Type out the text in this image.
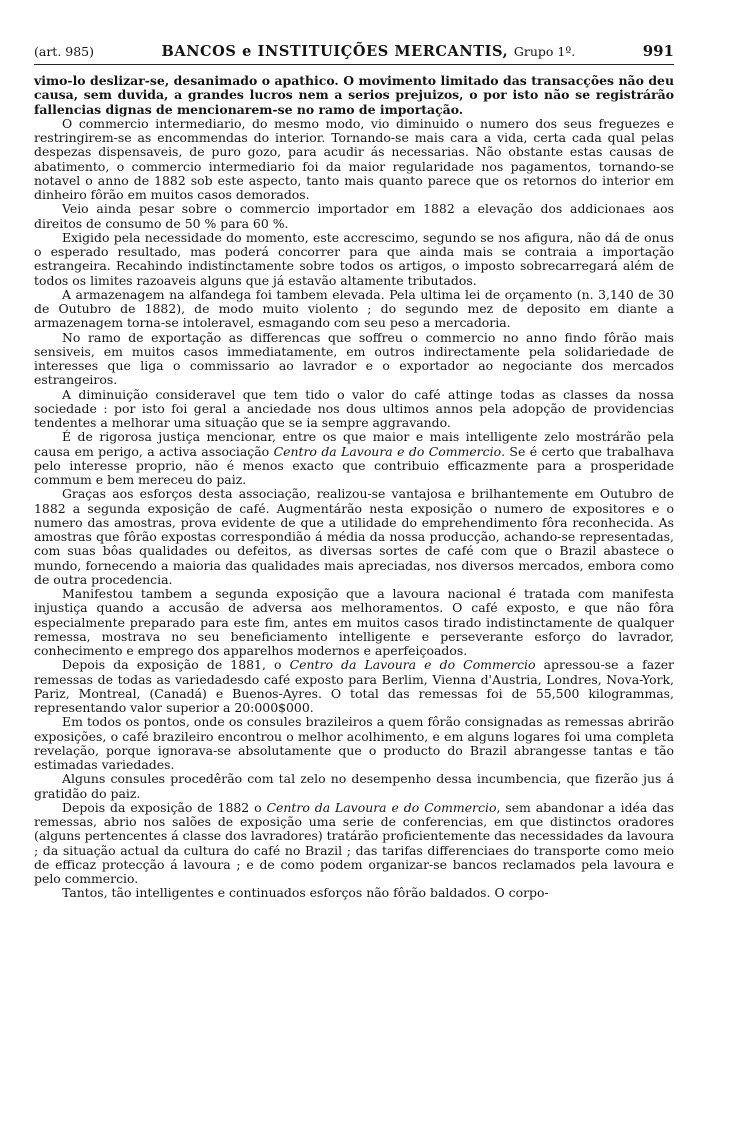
(art. 985)	BANCOS e INSTITUIÇÕES MERCANTIS, Grupo 1º.	991

vimo-lo deslizar-se, desanimado o apathico. O movimento limitado das transacções não deu causa, sem duvida, a grandes lucros nem a serios prejuizos, o por isto não se registrárão fallencias dignas de mencionarem-se no ramo de importação.

O commercio intermediario, do mesmo modo, vio diminuido o numero dos seus freguezes e restringirem-se as encommendas do interior. Tornando-se mais cara a vida, certa cada qual pelas despezas dispensaveis, de puro gozo, para acudir ás necessarias. Não obstante estas causas de abatimento, o commercio intermediario foi da maior regularidade nos pagamentos, tornando-se notavel o anno de 1882 sob este aspecto, tanto mais quanto parece que os retornos do interior em dinheiro fôrão em muitos casos demorados.

Veio ainda pesar sobre o commercio importador em 1882 a elevação dos addicionaes aos direitos de consumo de 50 % para 60 %.

Exigido pela necessidade do momento, este accrescimo, segundo se nos afigura, não dá de onus o esperado resultado, mas poderá concorrer para que ainda mais se contraia a importação estrangeira. Recahindo indistinctamente sobre todos os artigos, o imposto sobrecarregará além de todos os limites razoaveis alguns que já estavão altamente tributados.

A armazenagem na alfandega foi tambem elevada. Pela ultima lei de orçamento (n. 3,140 de 30 de Outubro de 1882), de modo muito violento ; do segundo mez de deposito em diante a armazenagem torna-se intoleravel, esmagando com seu peso a mercadoria.

No ramo de exportação as differencas que soffreu o commercio no anno findo fôrão mais sensiveis, em muitos casos immediatamente, em outros indirectamente pela solidariedade de interesses que liga o commissario ao lavrador e o exportador ao negociante dos mercados estrangeiros.

A diminuição consideravel que tem tido o valor do café attinge todas as classes da nossa sociedade : por isto foi geral a anciedade nos dous ultimos annos pela adopção de providencias tendentes a melhorar uma situação que se ia sempre aggravando.

É de rigorosa justiça mencionar, entre os que maior e mais intelligente zelo mostrárão pela causa em perigo, a activa associação Centro da Lavoura e do Commercio. Se é certo que trabalhava pelo interesse proprio, não é menos exacto que contribuio efficazmente para a prosperidade commum e bem mereceu do paiz.

Graças aos esforços desta associação, realizou-se vantajosa e brilhantemente em Outubro de 1882 a segunda exposição de café. Augmentárão nesta exposição o numero de expositores e o numero das amostras, prova evidente de que a utilidade do emprehendimento fôra reconhecida. As amostras que fôrão expostas correspondião á média da nossa producção, achando-se representadas, com suas bôas qualidades ou defeitos, as diversas sortes de café com que o Brazil abastece o mundo, fornecendo a maioria das qualidades mais apreciadas, nos diversos mercados, embora como de outra procedencia.

Manifestou tambem a segunda exposição que a lavoura nacional é tratada com manifesta injustiça quando a accusão de adversa aos melhoramentos. O café exposto, e que não fôra especialmente preparado para este fim, antes em muitos casos tirado indistinctamente de qualquer remessa, mostrava no seu beneficiamento intelligente e perseverante esforço do lavrador, conhecimento e emprego dos apparelhos modernos e aperfeiçoados.

Depois da exposição de 1881, o Centro da Lavoura e do Commercio apressou-se a fazer remessas de todas as variedadesdo café exposto para Berlim, Vienna d'Austria, Londres, Nova-York, Pariz, Montreal, (Canadá) e Buenos-Ayres. O total das remessas foi de 55,500 kilogrammas, representando valor superior a 20:000$000.

Em todos os pontos, onde os consules brazileiros a quem fôrão consignadas as remessas abrirão exposições, o café brazileiro encontrou o melhor acolhimento, e em alguns logares foi uma completa revelação, porque ignorava-se absolutamente que o producto do Brazil abrangesse tantas e tão estimadas variedades.

Alguns consules procedêrão com tal zelo no desempenho dessa incumbencia, que fizerão jus á gratidão do paiz.

Depois da exposição de 1882 o Centro da Lavoura e do Commercio, sem abandonar a idéa das remessas, abrio nos salões de exposição uma serie de conferencias, em que distinctos oradores (alguns pertencentes á classe dos lavradores) tratárão proficientemente das necessidades da lavoura ; da situação actual da cultura do café no Brazil ; das tarifas differenciaes do transporte como meio de efficaz protecção á lavoura ; e de como podem organizar-se bancos reclamados pela lavoura e pelo commercio.

Tantos, tão intelligentes e continuados esforços não fôrão baldados. O corpo-
